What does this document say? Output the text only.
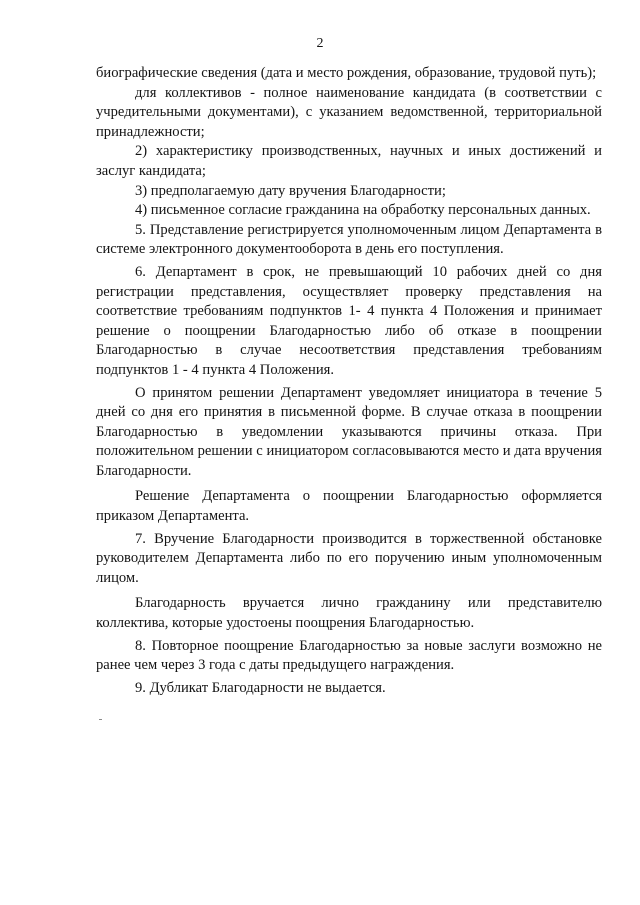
2

биографические сведения (дата и место рождения, образование, трудовой путь);

для коллективов - полное наименование кандидата (в соответствии с учредительными документами), с указанием ведомственной, территориальной принадлежности;

2) характеристику производственных, научных и иных достижений и заслуг кандидата;

3) предполагаемую дату вручения Благодарности;

4) письменное согласие гражданина на обработку персональных данных.

5. Представление регистрируется уполномоченным лицом Департамента в системе электронного документооборота в день его поступления.

6. Департамент в срок, не превышающий 10 рабочих дней со дня регистрации представления, осуществляет проверку представления на соответствие требованиям подпунктов 1- 4 пункта 4 Положения и принимает решение о поощрении Благодарностью либо об отказе в поощрении Благодарностью в случае несоответствия представления требованиям подпунктов 1 - 4 пункта 4 Положения.

О принятом решении Департамент уведомляет инициатора в течение 5 дней со дня его принятия в письменной форме. В случае отказа в поощрении Благодарностью в уведомлении указываются причины отказа. При положительном решении с инициатором согласовываются место и дата вручения Благодарности.

Решение Департамента о поощрении Благодарностью оформляется приказом Департамента.

7. Вручение Благодарности производится в торжественной обстановке руководителем Департамента либо по его поручению иным уполномоченным лицом.

Благодарность вручается лично гражданину или представителю коллектива, которые удостоены поощрения Благодарностью.

8. Повторное поощрение Благодарностью за новые заслуги возможно не ранее чем через 3 года с даты предыдущего награждения.

9. Дубликат Благодарности не выдается.
